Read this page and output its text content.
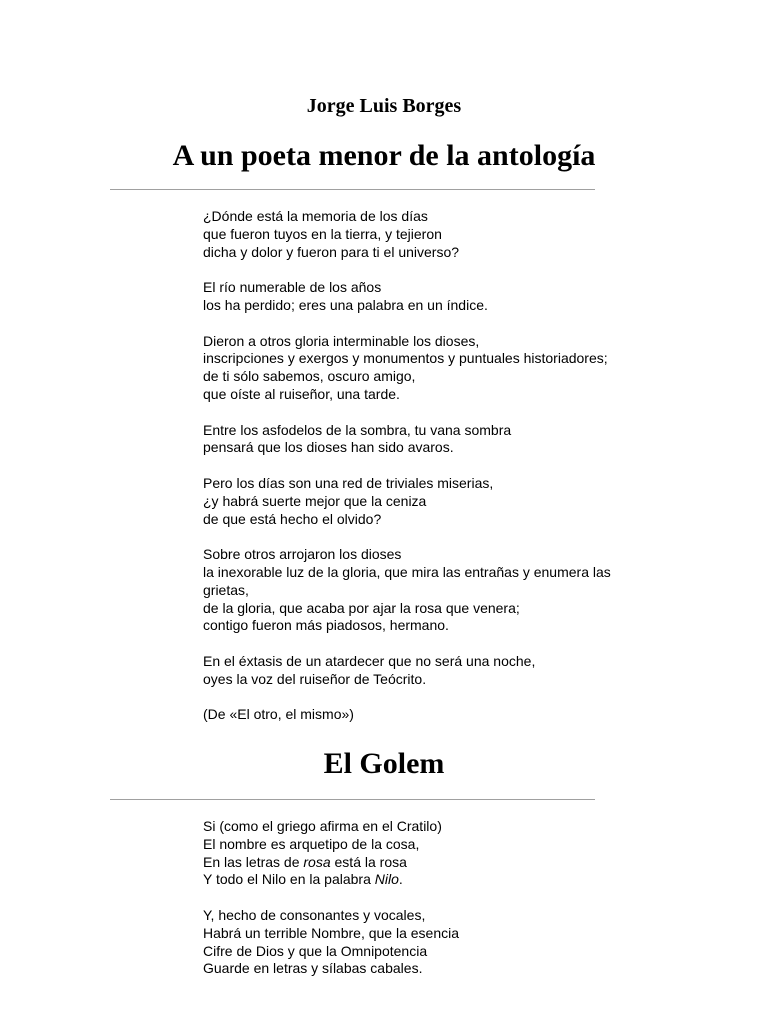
Jorge Luis Borges
A un poeta menor de la antología
¿Dónde está la memoria de los días
que fueron tuyos en la tierra, y tejieron
dicha y dolor y fueron para ti el universo?
El río numerable de los años
los ha perdido; eres una palabra en un índice.
Dieron a otros gloria interminable los dioses,
inscripciones y exergos y monumentos y puntuales historiadores;
de ti sólo sabemos, oscuro amigo,
que oíste al ruiseñor, una tarde.
Entre los asfodelos de la sombra, tu vana sombra
pensará que los dioses han sido avaros.
Pero los días son una red de triviales miserias,
¿y habrá suerte mejor que la ceniza
de que está hecho el olvido?
Sobre otros arrojaron los dioses
la inexorable luz de la gloria, que mira las entrañas y enumera las
grietas,
de la gloria, que acaba por ajar la rosa que venera;
contigo fueron más piadosos, hermano.
En el éxtasis de un atardecer que no será una noche,
oyes la voz del ruiseñor de Teócrito.
(De «El otro, el mismo»)
El Golem
Si (como el griego afirma en el Cratilo)
El nombre es arquetipo de la cosa,
En las letras de rosa está la rosa
Y todo el Nilo en la palabra Nilo.
Y, hecho de consonantes y vocales,
Habrá un terrible Nombre, que la esencia
Cifre de Dios y que la Omnipotencia
Guarde en letras y sílabas cabales.
